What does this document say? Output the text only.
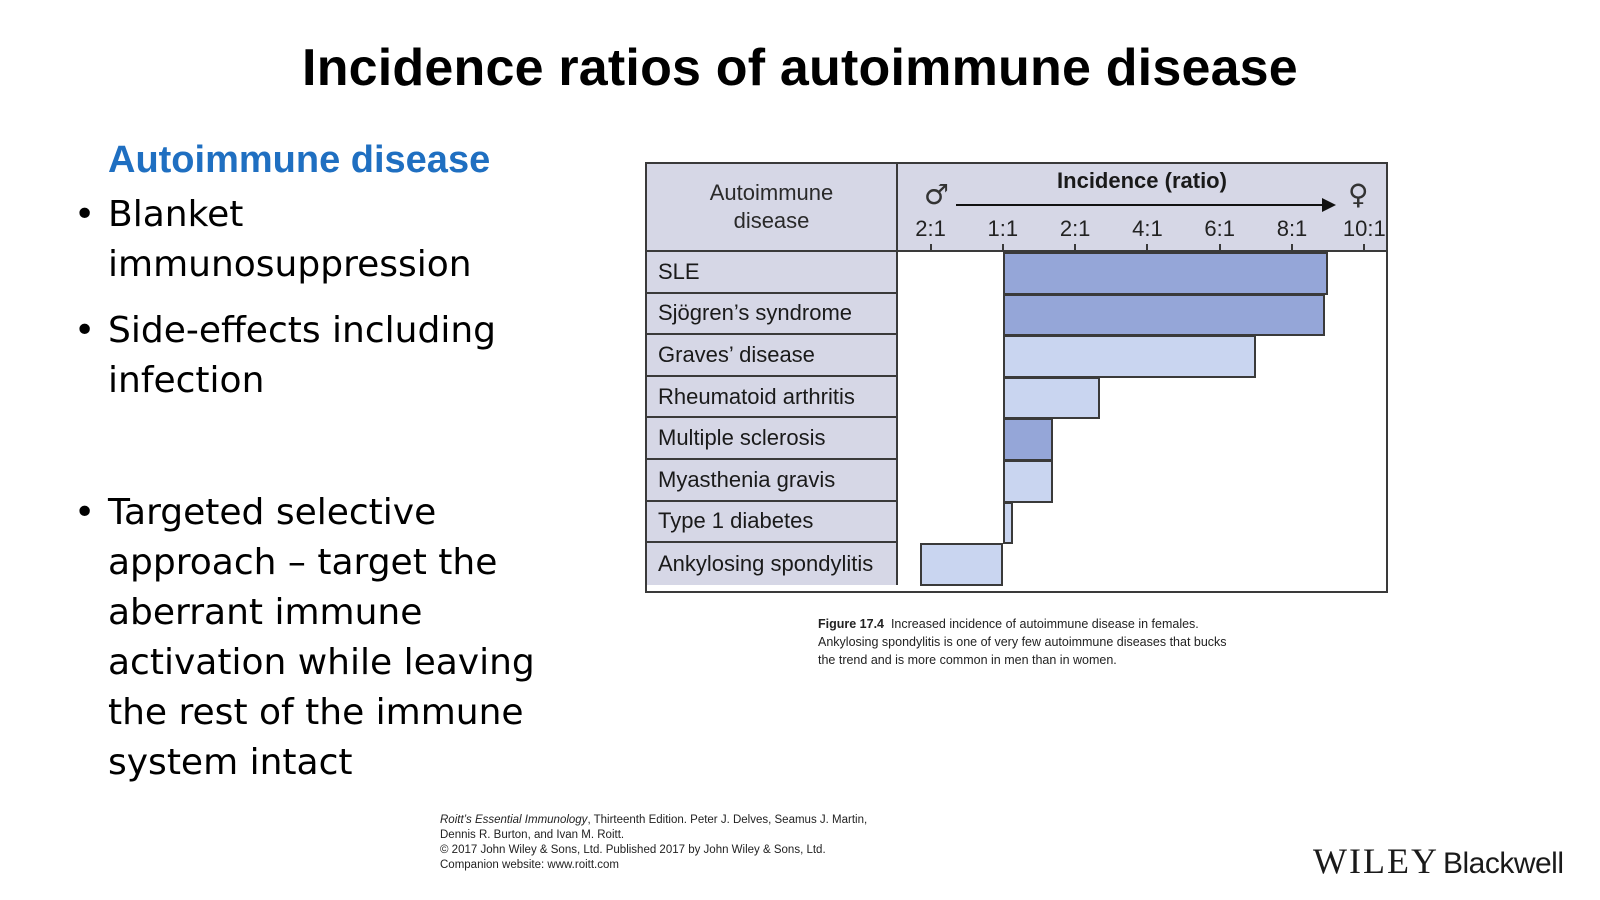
Incidence ratios of autoimmune disease
Autoimmune disease
• Blanket immunosuppression
• Side-effects including infection
• Targeted selective approach – target the aberrant immune activation while leaving the rest of the immune system intact
Autoimmune disease
Incidence (ratio)
♂	♀
2:1 1:1 2:1 4:1 6:1 8:1 10:1
SLE
Sjögren’s syndrome
Graves’ disease
Rheumatoid arthritis
Multiple sclerosis
Myasthenia gravis
Type 1 diabetes
Ankylosing spondylitis

Figure 17.4 Increased incidence of autoimmune disease in females. Ankylosing spondylitis is one of very few autoimmune diseases that bucks the trend and is more common in men than in women.

Roitt’s Essential Immunology, Thirteenth Edition. Peter J. Delves, Seamus J. Martin,
Dennis R. Burton, and Ivan M. Roitt.
© 2017 John Wiley & Sons, Ltd. Published 2017 by John Wiley & Sons, Ltd.
Companion website: www.roitt.com	WILEY Blackwell
